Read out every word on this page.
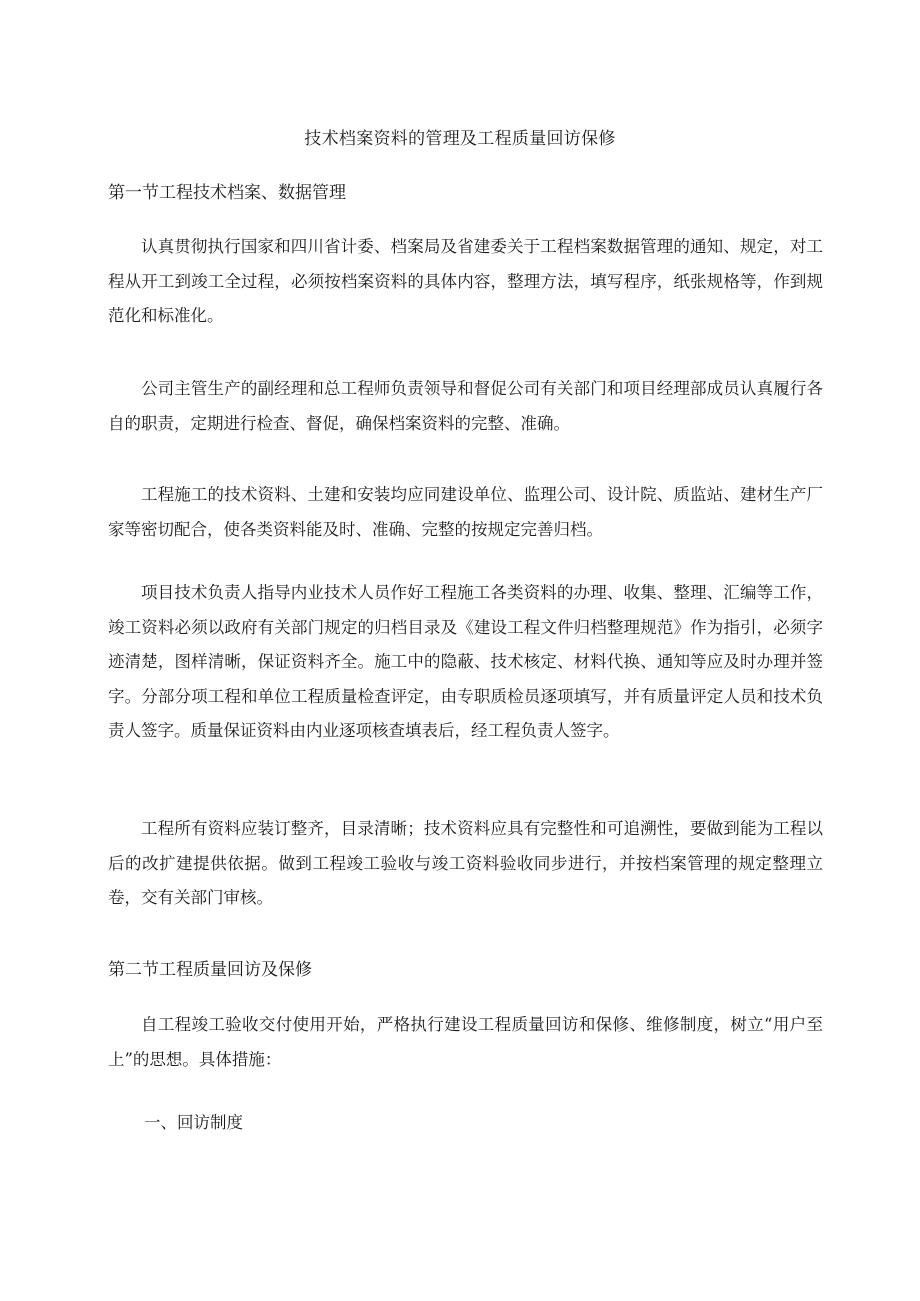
技术档案资料的管理及工程质量回访保修
第一节工程技术档案、数据管理

认真贯彻执行国家和四川省计委、档案局及省建委关于工程档案数据管理的通知、规定，对工程从开工到竣工全过程，必须按档案资料的具体内容，整理方法，填写程序，纸张规格等，作到规范化和标准化。

公司主管生产的副经理和总工程师负责领导和督促公司有关部门和项目经理部成员认真履行各自的职责，定期进行检查、督促，确保档案资料的完整、准确。

工程施工的技术资料、土建和安装均应同建设单位、监理公司、设计院、质监站、建材生产厂家等密切配合，使各类资料能及时、准确、完整的按规定完善归档。

项目技术负责人指导内业技术人员作好工程施工各类资料的办理、收集、整理、汇编等工作，竣工资料必须以政府有关部门规定的归档目录及《建设工程文件归档整理规范》作为指引，必须字迹清楚，图样清晰，保证资料齐全。施工中的隐蔽、技术核定、材料代换、通知等应及时办理并签字。分部分项工程和单位工程质量检查评定，由专职质检员逐项填写，并有质量评定人员和技术负责人签字。质量保证资料由内业逐项核查填表后，经工程负责人签字。

工程所有资料应装订整齐，目录清晰；技术资料应具有完整性和可追溯性，要做到能为工程以后的改扩建提供依据。做到工程竣工验收与竣工资料验收同步进行，并按档案管理的规定整理立卷，交有关部门审核。

第二节工程质量回访及保修

自工程竣工验收交付使用开始，严格执行建设工程质量回访和保修、维修制度，树立“用户至上”的思想。具体措施：

一、回访制度
